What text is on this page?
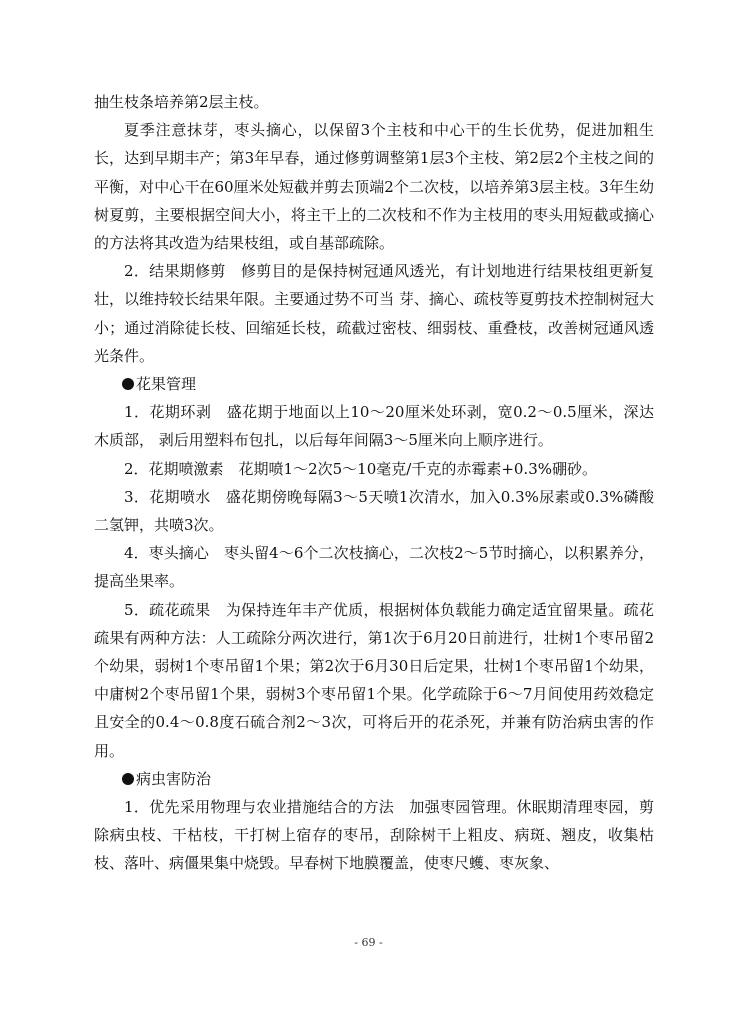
抽生枝条培养第2层主枝。

夏季注意抹芽，枣头摘心，以保留3个主枝和中心干的生长优势，促进加粗生长，达到早期丰产；第3年早春，通过修剪调整第1层3个主枝、第2层2个主枝之间的平衡，对中心干在60厘米处短截并剪去顶端2个二次枝，以培养第3层主枝。3年生幼树夏剪，主要根据空间大小，将主干上的二次枝和不作为主枝用的枣头用短截或摘心的方法将其改造为结果枝组，或自基部疏除。

2．结果期修剪　修剪目的是保持树冠通风透光，有计划地进行结果枝组更新复壮，以维持较长结果年限。主要通过势不可当 芽、摘心、疏枝等夏剪技术控制树冠大小；通过消除徒长枝、回缩延长枝，疏截过密枝、细弱枝、重叠枝，改善树冠通风透光条件。

花果管理

1．花期环剥　盛花期于地面以上10～20厘米处环剥，宽0.2～0.5厘米，深达木质部， 剥后用塑料布包扎，以后每年间隔3～5厘米向上顺序进行。

2．花期喷激素　花期喷1～2次5～10毫克/千克的赤霉素+0.3%硼砂。

3．花期喷水　盛花期傍晚每隔3～5天喷1次清水，加入0.3%尿素或0.3%磷酸二氢钾，共喷3次。

4．枣头摘心　枣头留4～6个二次枝摘心，二次枝2～5节时摘心，以积累养分，提高坐果率。

5．疏花疏果　为保持连年丰产优质，根据树体负载能力确定适宜留果量。疏花疏果有两种方法：人工疏除分两次进行，第1次于6月20日前进行，壮树1个枣吊留2个幼果，弱树1个枣吊留1个果；第2次于6月30日后定果，壮树1个枣吊留1个幼果，中庸树2个枣吊留1个果，弱树3个枣吊留1个果。化学疏除于6～7月间使用药效稳定且安全的0.4～0.8度石硫合剂2～3次，可将后开的花杀死，并兼有防治病虫害的作用。

病虫害防治

1．优先采用物理与农业措施结合的方法　加强枣园管理。休眠期清理枣园，剪除病虫枝、干枯枝，干打树上宿存的枣吊，刮除树干上粗皮、病斑、翘皮，收集枯枝、落叶、病僵果集中烧毁。早春树下地膜覆盖，使枣尺蠖、枣灰象、

- 69 -
